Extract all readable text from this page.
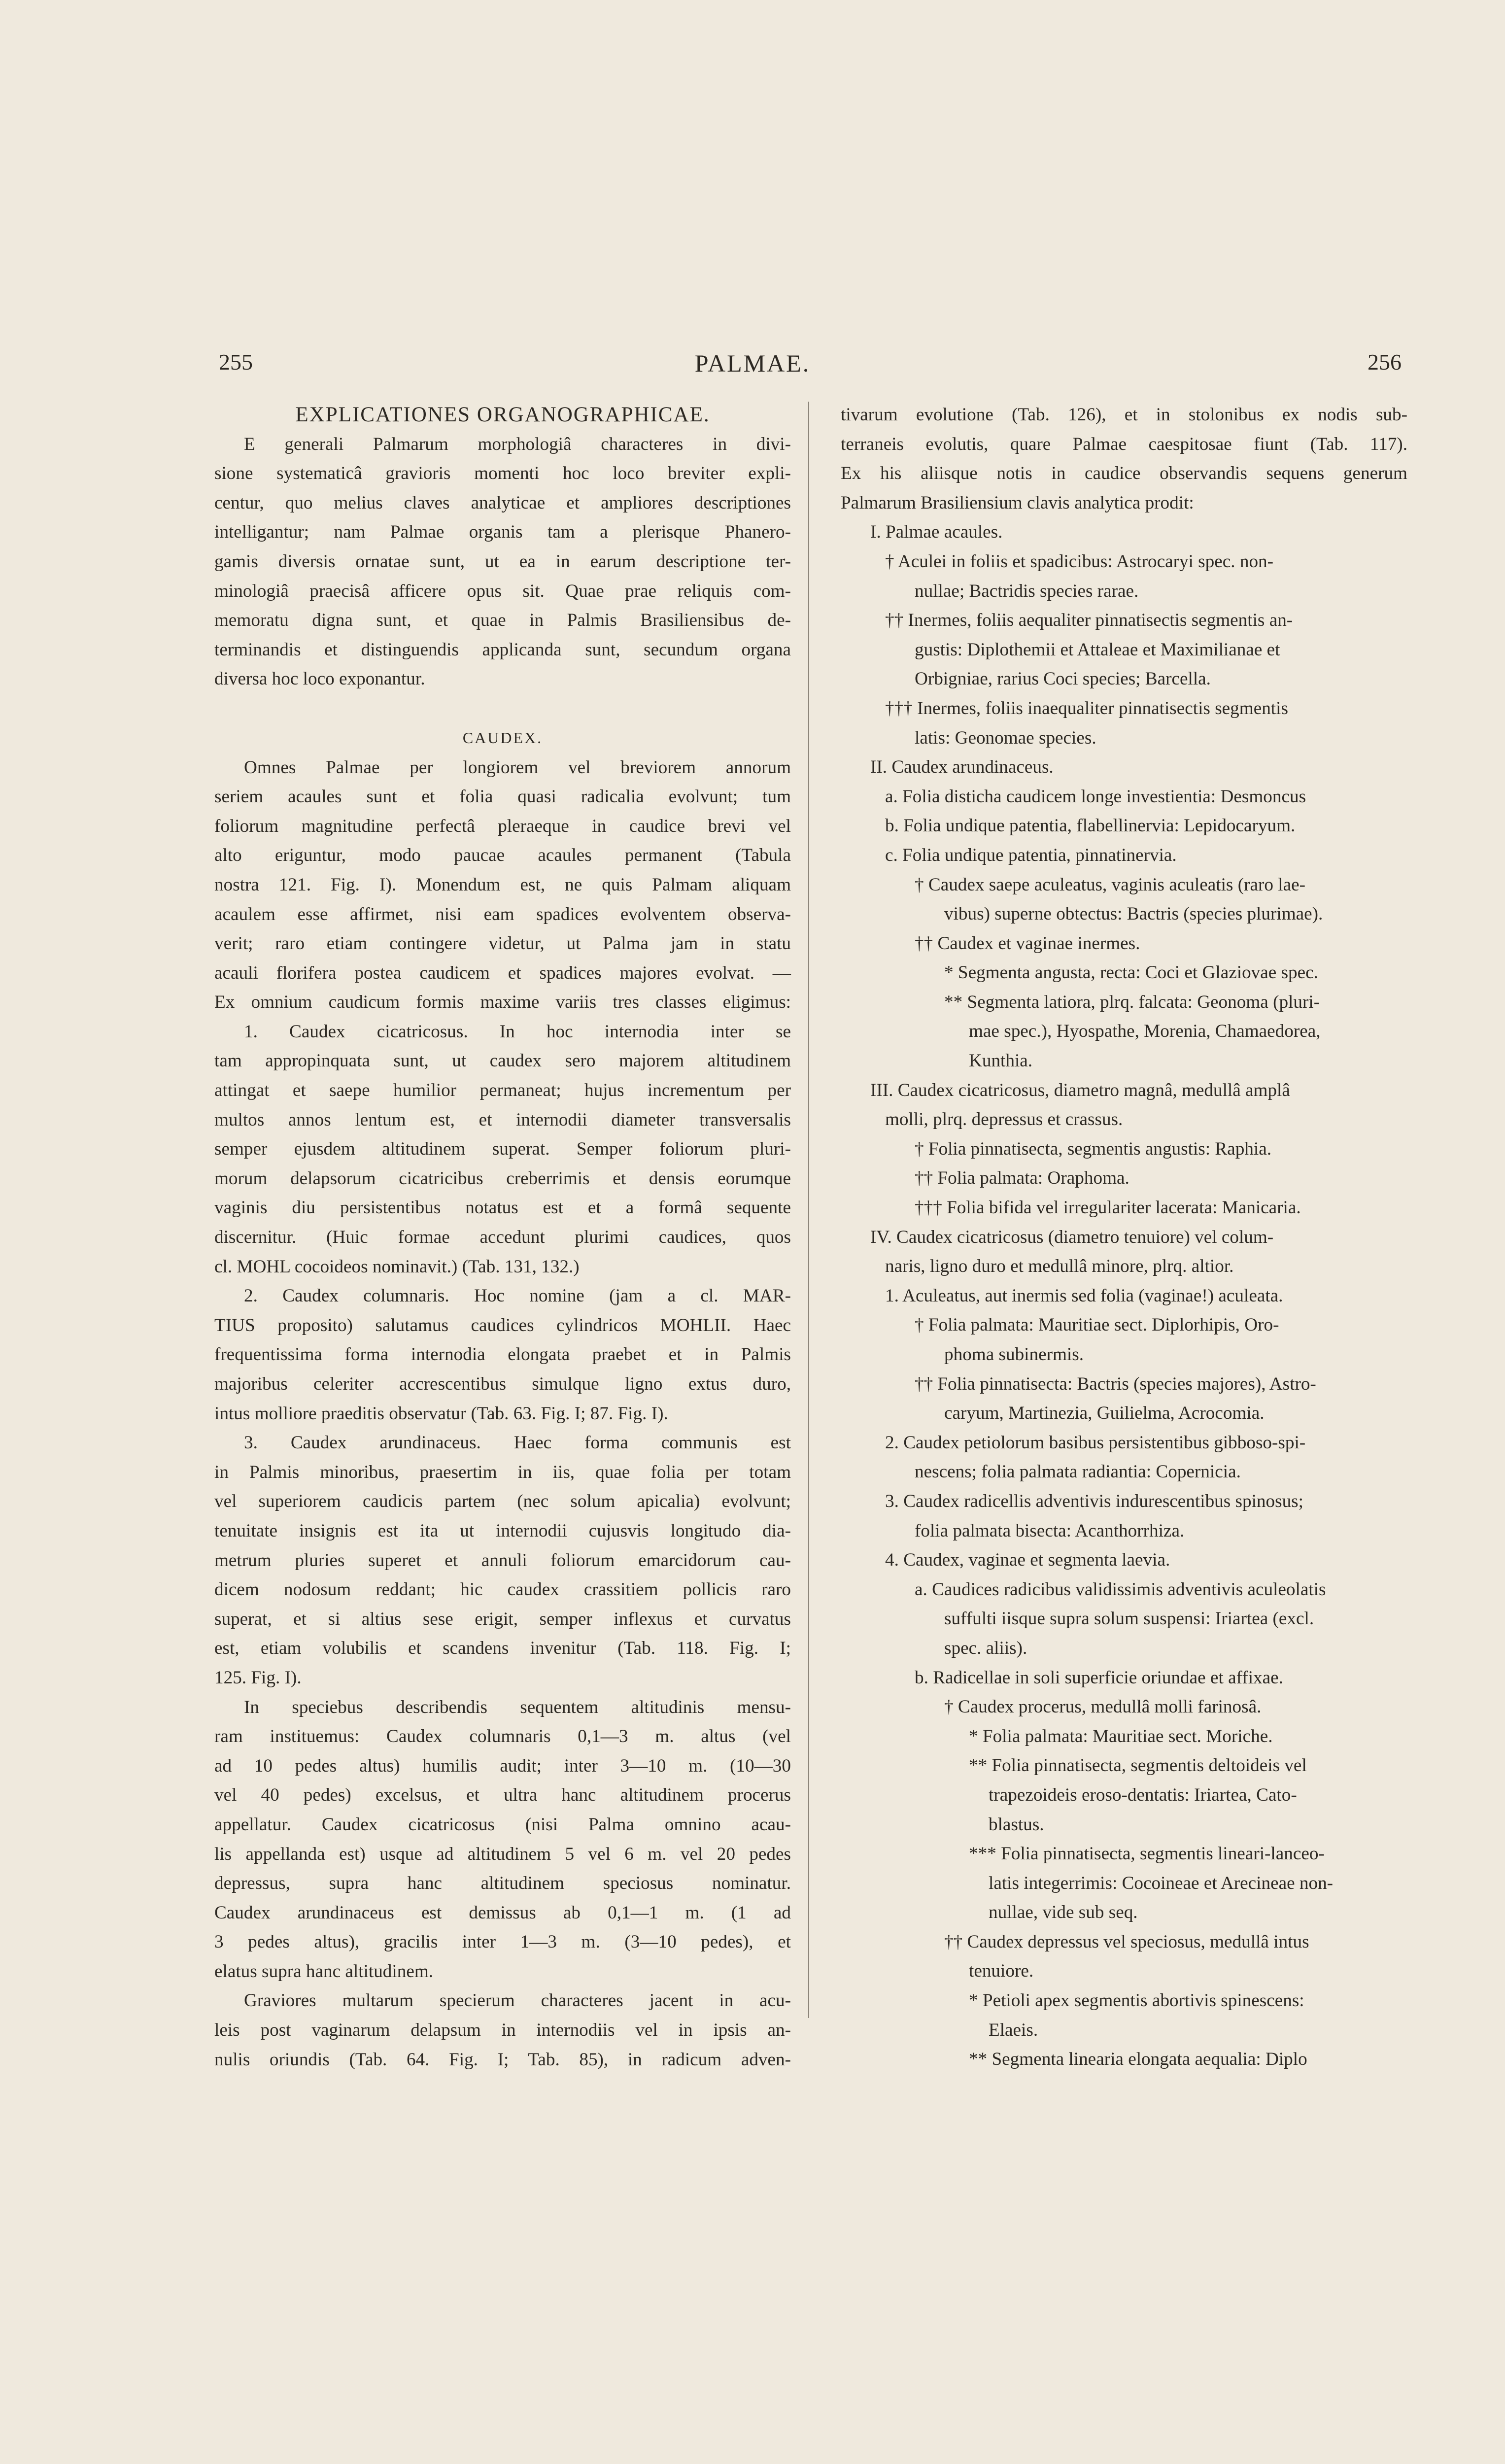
255	PALMAE.	256
EXPLICATIONES ORGANOGRAPHICAE.
E generali Palmarum morphologiâ characteres in divi-
sione systematicâ gravioris momenti hoc loco breviter expli-
centur, quo melius claves analyticae et ampliores descriptiones
intelligantur; nam Palmae organis tam a plerisque Phanero-
gamis diversis ornatae sunt, ut ea in earum descriptione ter-
minologiâ praecisâ afficere opus sit. Quae prae reliquis com-
memoratu digna sunt, et quae in Palmis Brasiliensibus de-
terminandis et distinguendis applicanda sunt, secundum organa
diversa hoc loco exponantur.
CAUDEX.
Omnes Palmae per longiorem vel breviorem annorum
seriem acaules sunt et folia quasi radicalia evolvunt; tum
foliorum magnitudine perfectâ pleraeque in caudice brevi vel
alto eriguntur, modo paucae acaules permanent (Tabula
nostra 121. Fig. I). Monendum est, ne quis Palmam aliquam
acaulem esse affirmet, nisi eam spadices evolventem observa-
verit; raro etiam contingere videtur, ut Palma jam in statu
acauli florifera postea caudicem et spadices majores evolvat. —
Ex omnium caudicum formis maxime variis tres classes eligimus:
1. Caudex cicatricosus. In hoc internodia inter se
tam appropinquata sunt, ut caudex sero majorem altitudinem
attingat et saepe humilior permaneat; hujus incrementum per
multos annos lentum est, et internodii diameter transversalis
semper ejusdem altitudinem superat. Semper foliorum pluri-
morum delapsorum cicatricibus creberrimis et densis eorumque
vaginis diu persistentibus notatus est et a formâ sequente
discernitur. (Huic formae accedunt plurimi caudices, quos
cl. MOHL cocoideos nominavit.) (Tab. 131, 132.)
2. Caudex columnaris. Hoc nomine (jam a cl. MAR-
TIUS proposito) salutamus caudices cylindricos MOHLII. Haec
frequentissima forma internodia elongata praebet et in Palmis
majoribus celeriter accrescentibus simulque ligno extus duro,
intus molliore praeditis observatur (Tab. 63. Fig. I; 87. Fig. I).
3. Caudex arundinaceus. Haec forma communis est
in Palmis minoribus, praesertim in iis, quae folia per totam
vel superiorem caudicis partem (nec solum apicalia) evolvunt;
tenuitate insignis est ita ut internodii cujusvis longitudo dia-
metrum pluries superet et annuli foliorum emarcidorum cau-
dicem nodosum reddant; hic caudex crassitiem pollicis raro
superat, et si altius sese erigit, semper inflexus et curvatus
est, etiam volubilis et scandens invenitur (Tab. 118. Fig. I;
125. Fig. I).
In speciebus describendis sequentem altitudinis mensu-
ram instituemus: Caudex columnaris 0,1—3 m. altus (vel
ad 10 pedes altus) humilis audit; inter 3—10 m. (10—30
vel 40 pedes) excelsus, et ultra hanc altitudinem procerus
appellatur. Caudex cicatricosus (nisi Palma omnino acau-
lis appellanda est) usque ad altitudinem 5 vel 6 m. vel 20 pedes
depressus, supra hanc altitudinem speciosus nominatur.
Caudex arundinaceus est demissus ab 0,1—1 m. (1 ad
3 pedes altus), gracilis inter 1—3 m. (3—10 pedes), et
elatus supra hanc altitudinem.
Graviores multarum specierum characteres jacent in acu-
leis post vaginarum delapsum in internodiis vel in ipsis an-
nulis oriundis (Tab. 64. Fig. I; Tab. 85), in radicum adven-
tivarum evolutione (Tab. 126), et in stolonibus ex nodis sub-
terraneis evolutis, quare Palmae caespitosae fiunt (Tab. 117).
Ex his aliisque notis in caudice observandis sequens generum
Palmarum Brasiliensium clavis analytica prodit:
I. Palmae acaules.
† Aculei in foliis et spadicibus: Astrocaryi spec. non-
nullae; Bactridis species rarae.
†† Inermes, foliis aequaliter pinnatisectis segmentis an-
gustis: Diplothemii et Attaleae et Maximilianae et
Orbigniae, rarius Coci species; Barcella.
††† Inermes, foliis inaequaliter pinnatisectis segmentis
latis: Geonomae species.
II. Caudex arundinaceus.
a. Folia disticha caudicem longe investientia: Desmoncus
b. Folia undique patentia, flabellinervia: Lepidocaryum.
c. Folia undique patentia, pinnatinervia.
† Caudex saepe aculeatus, vaginis aculeatis (raro lae-
vibus) superne obtectus: Bactris (species plurimae).
†† Caudex et vaginae inermes.
* Segmenta angusta, recta: Coci et Glaziovae spec.
** Segmenta latiora, plrq. falcata: Geonoma (pluri-
mae spec.), Hyospathe, Morenia, Chamaedorea,
Kunthia.
III. Caudex cicatricosus, diametro magnâ, medullâ amplâ
molli, plrq. depressus et crassus.
† Folia pinnatisecta, segmentis angustis: Raphia.
†† Folia palmata: Oraphoma.
††† Folia bifida vel irregulariter lacerata: Manicaria.
IV. Caudex cicatricosus (diametro tenuiore) vel colum-
naris, ligno duro et medullâ minore, plrq. altior.
1. Aculeatus, aut inermis sed folia (vaginae!) aculeata.
† Folia palmata: Mauritiae sect. Diplorhipis, Oro-
phoma subinermis.
†† Folia pinnatisecta: Bactris (species majores), Astro-
caryum, Martinezia, Guilielma, Acrocomia.
2. Caudex petiolorum basibus persistentibus gibboso-spi-
nescens; folia palmata radiantia: Copernicia.
3. Caudex radicellis adventivis indurescentibus spinosus;
folia palmata bisecta: Acanthorrhiza.
4. Caudex, vaginae et segmenta laevia.
a. Caudices radicibus validissimis adventivis aculeolatis
suffulti iisque supra solum suspensi: Iriartea (excl.
spec. aliis).
b. Radicellae in soli superficie oriundae et affixae.
† Caudex procerus, medullâ molli farinosâ.
* Folia palmata: Mauritiae sect. Moriche.
** Folia pinnatisecta, segmentis deltoideis vel
trapezoideis eroso-dentatis: Iriartea, Cato-
blastus.
*** Folia pinnatisecta, segmentis lineari-lanceo-
latis integerrimis: Cocoineae et Arecineae non-
nullae, vide sub seq.
†† Caudex depressus vel speciosus, medullâ intus
tenuiore.
* Petioli apex segmentis abortivis spinescens:
Elaeis.
** Segmenta linearia elongata aequalia: Diplo
